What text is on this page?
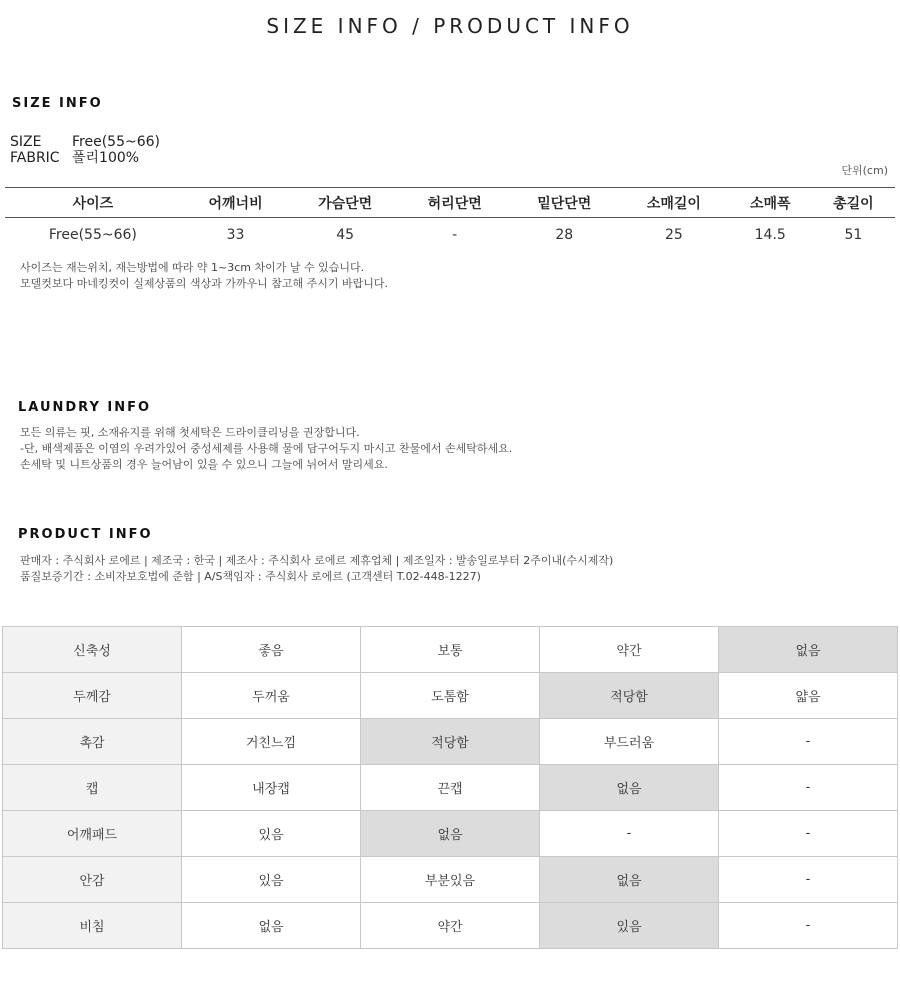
SIZE INFO / PRODUCT INFO
SIZE INFO
SIZE	Free(55~66)
FABRIC 폴리100%
단위(cm)
사이즈	어깨너비	가슴단면	허리단면	밑단단면	소매길이	소매폭	총길이
Free(55~66)	33	45	-	28	25	14.5	51
사이즈는 재는위치, 재는방법에 따라 약 1~3cm 차이가 날 수 있습니다.
모델컷보다 마네킹컷이 실제상품의 색상과 가까우니 참고해 주시기 바랍니다.
LAUNDRY INFO
모든 의류는 핏, 소재유지를 위해 첫세탁은 드라이클리닝을 권장합니다.
-단, 배색제품은 이염의 우려가있어 중성세제를 사용해 물에 담구어두지 마시고 찬물에서 손세탁하세요.
손세탁 및 니트상품의 경우 늘어남이 있을 수 있으니 그늘에 뉘어서 말리세요.
PRODUCT INFO
판매자 : 주식회사 로에르 | 제조국 : 한국 | 제조사 : 주식회사 로에르 제휴업체 | 제조일자 : 발송일로부터 2주이내(수시제작)
품질보증기간 : 소비자보호법에 준함 | A/S책임자 : 주식회사 로에르 (고객센터 T.02-448-1227)
신축성	좋음	보통	약간	없음
두께감	두꺼움	도톰함	적당함	얇음
촉감	거친느낌	적당함	부드러움	-
캡	내장캡	끈캡	없음	-
어깨패드	있음	없음	-	-
안감	있음	부분있음	없음	-
비침	없음	약간	있음	-
